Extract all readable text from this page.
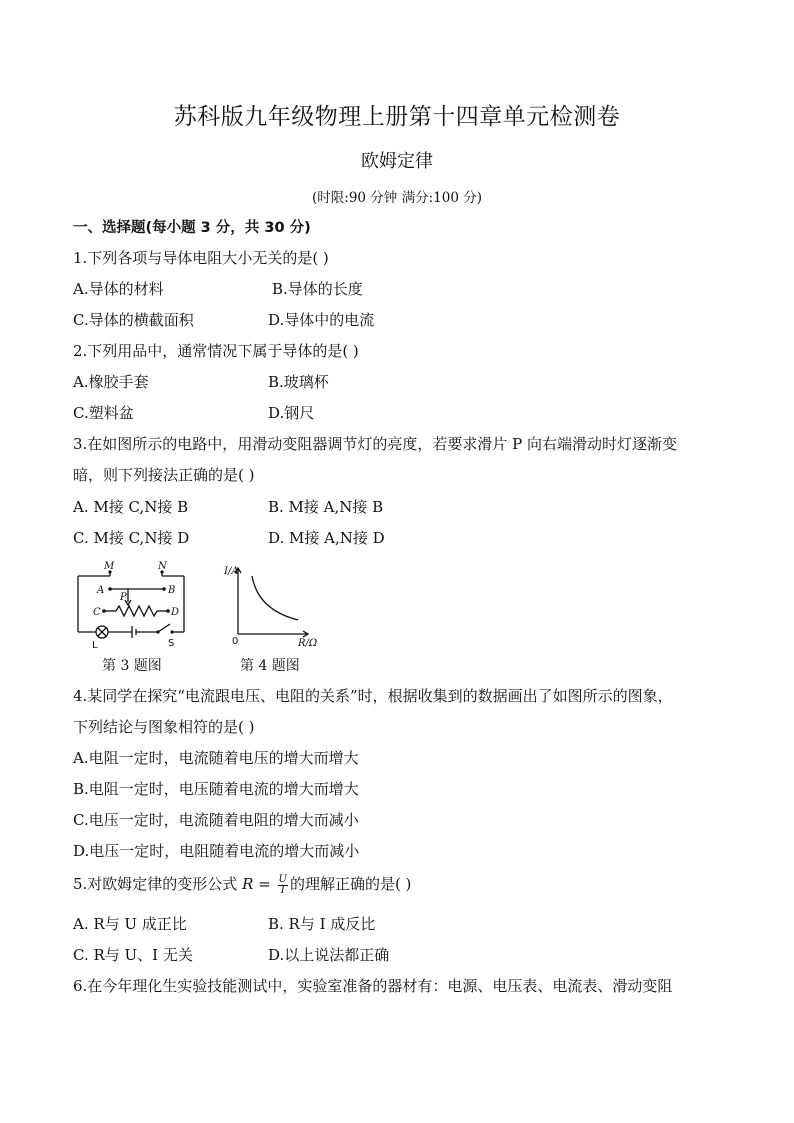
苏科版九年级物理上册第十四章单元检测卷
欧姆定律
(时限:90 分钟 满分:100 分)
一、选择题(每小题 3 分，共 30 分)
1.下列各项与导体电阻大小无关的是( )
A.导体的材料	B.导体的长度
C.导体的横截面积	D.导体中的电流
2.下列用品中，通常情况下属于导体的是( )
A.橡胶手套	B.玻璃杯
C.塑料盆	D.钢尺
3.在如图所示的电路中，用滑动变阻器调节灯的亮度，若要求滑片 P 向右端滑动时灯逐渐变
暗，则下列接法正确的是( )
A. M接 C,N接 B	B. M接 A,N接 B
C. M接 C,N接 D	D. M接 A,N接 D
M	N
A	B
C	D
P
L	S
第 3 题图
I/A
R/Ω
0
第 4 题图
4.某同学在探究“电流跟电压、电阻的关系”时，根据收集到的数据画出了如图所示的图象，
下列结论与图象相符的是( )
A.电阻一定时，电流随着电压的增大而增大
B.电阻一定时，电压随着电流的增大而增大
C.电压一定时，电流随着电阻的增大而减小
D.电压一定时，电阻随着电流的增大而减小
5.对欧姆定律的变形公式 $R = \frac{U}{I}$ 的理解正确的是( )
A. R与 U 成正比	B. R与 I 成反比
C. R与 U、I 无关	D.以上说法都正确
6.在今年理化生实验技能测试中，实验室准备的器材有：电源、电压表、电流表、滑动变阻
